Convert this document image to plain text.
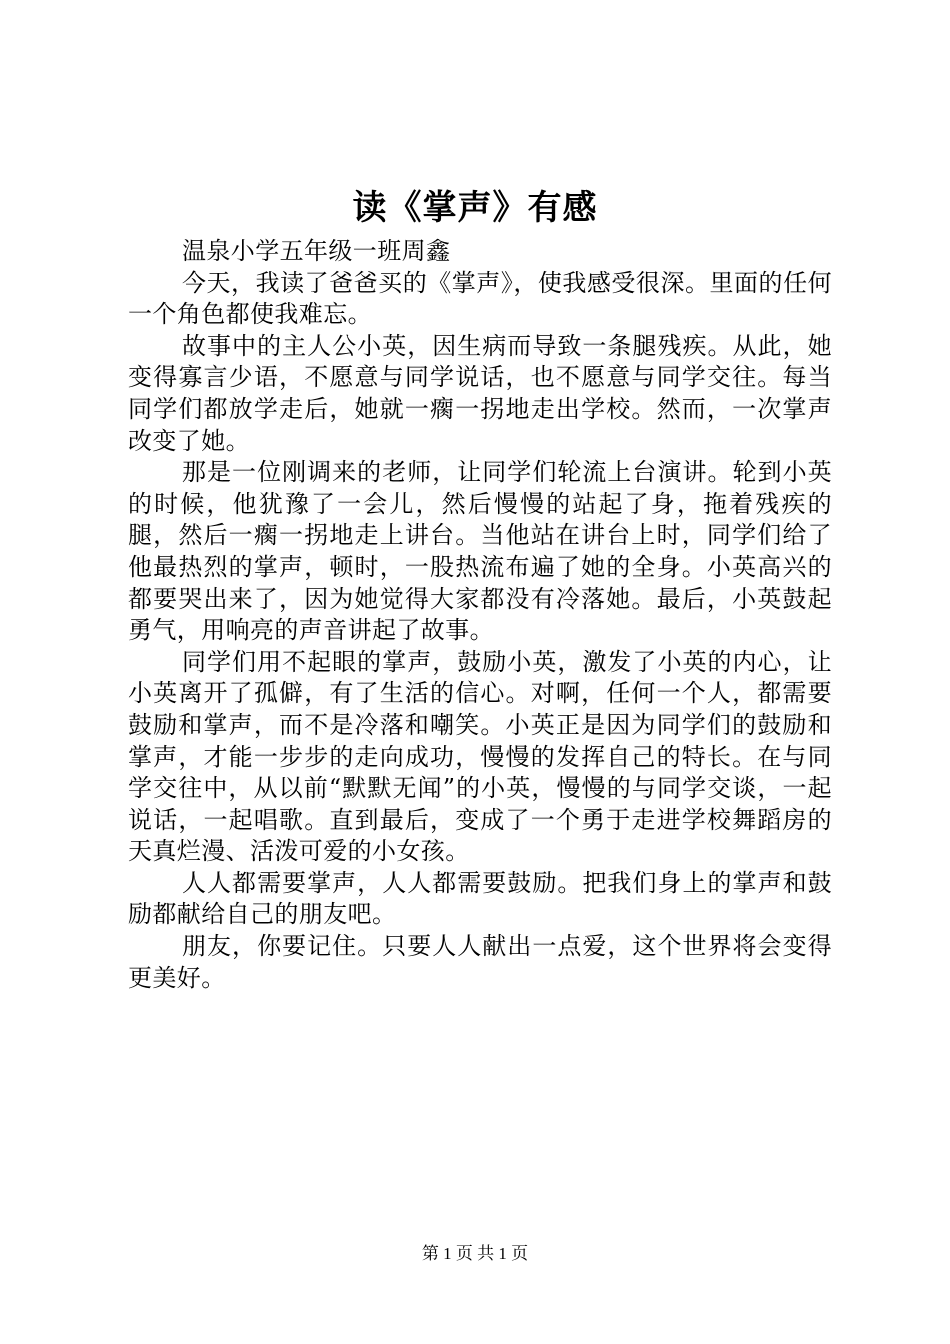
读《掌声》有感

温泉小学五年级一班周鑫

今天，我读了爸爸买的《掌声》，使我感受很深。里面的任何一个角色都使我难忘。

故事中的主人公小英，因生病而导致一条腿残疾。从此，她变得寡言少语，不愿意与同学说话，也不愿意与同学交往。每当同学们都放学走后，她就一瘸一拐地走出学校。然而，一次掌声改变了她。

那是一位刚调来的老师，让同学们轮流上台演讲。轮到小英的时候，他犹豫了一会儿，然后慢慢的站起了身，拖着残疾的腿，然后一瘸一拐地走上讲台。当他站在讲台上时，同学们给了他最热烈的掌声，顿时，一股热流布遍了她的全身。小英高兴的都要哭出来了，因为她觉得大家都没有冷落她。最后，小英鼓起勇气，用响亮的声音讲起了故事。

同学们用不起眼的掌声，鼓励小英，激发了小英的内心，让小英离开了孤僻，有了生活的信心。对啊，任何一个人，都需要鼓励和掌声，而不是冷落和嘲笑。小英正是因为同学们的鼓励和掌声，才能一步步的走向成功，慢慢的发挥自己的特长。在与同学交往中，从以前“默默无闻”的小英，慢慢的与同学交谈，一起说话，一起唱歌。直到最后，变成了一个勇于走进学校舞蹈房的天真烂漫、活泼可爱的小女孩。

人人都需要掌声，人人都需要鼓励。把我们身上的掌声和鼓励都献给自己的朋友吧。

朋友，你要记住。只要人人献出一点爱，这个世界将会变得更美好。

第 1 页 共 1 页
